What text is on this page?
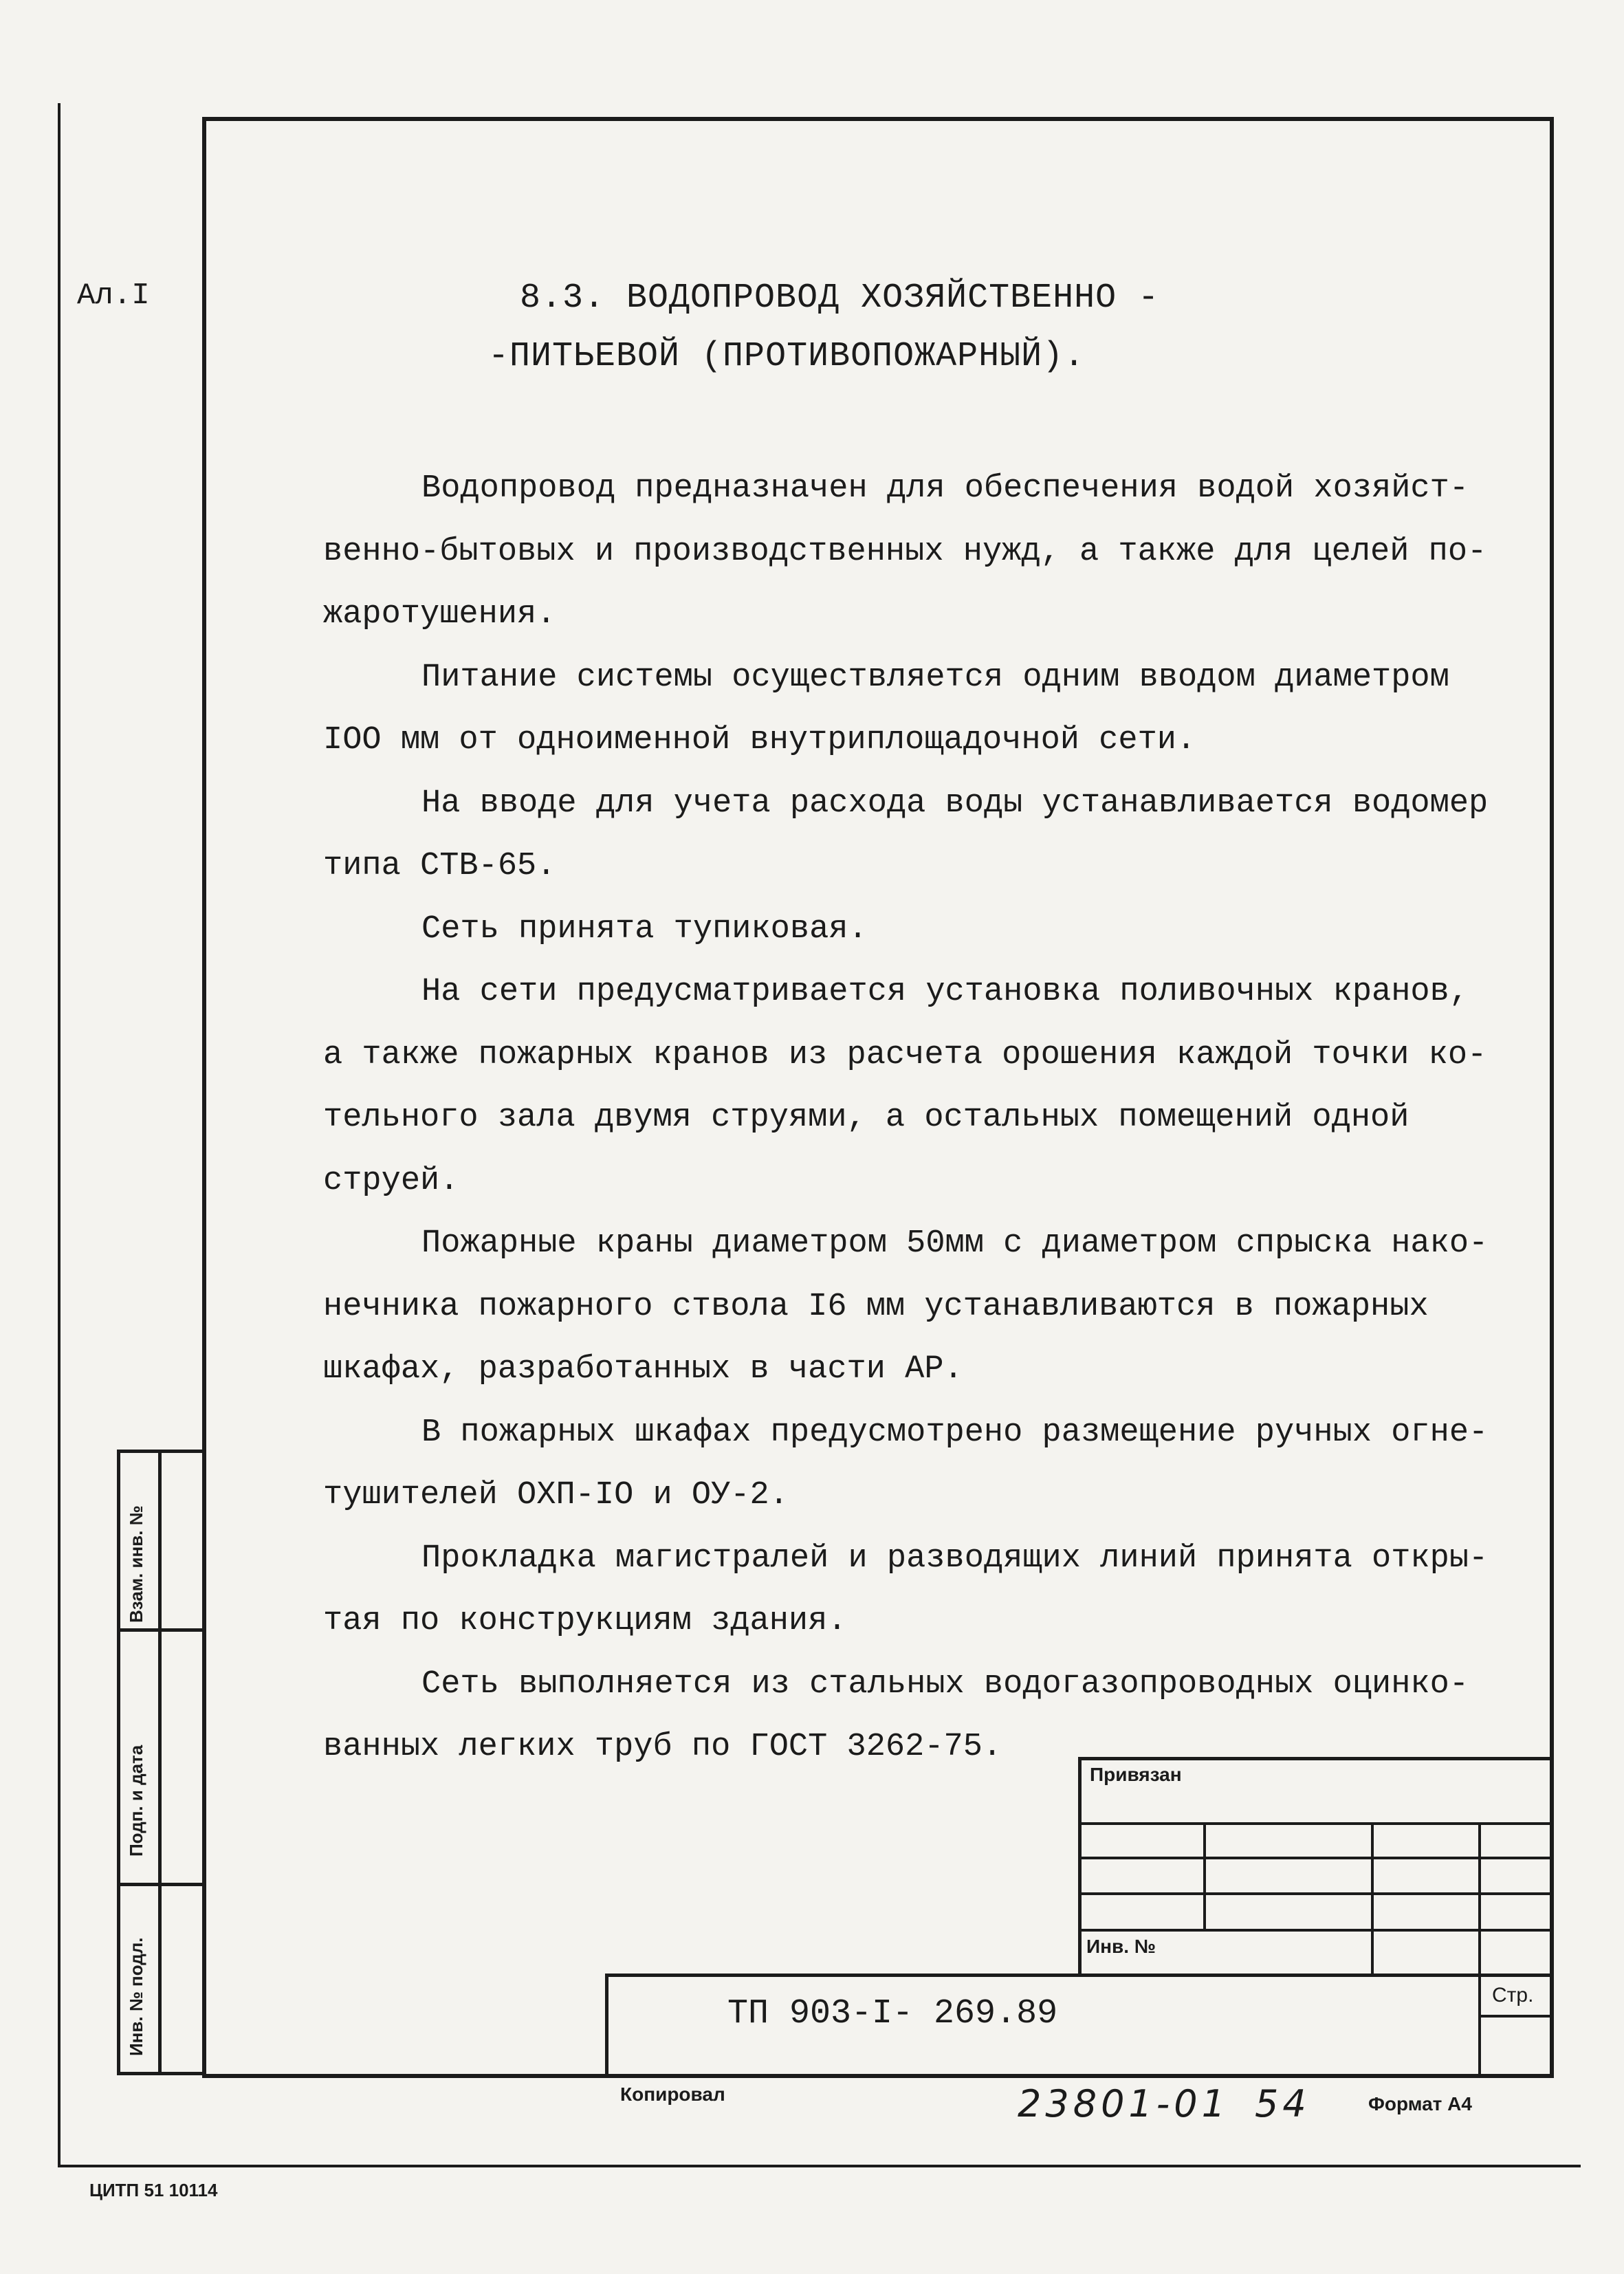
Ал.I	8.3. ВОДОПРОВОД ХОЗЯЙСТВЕННО -
-ПИТЬЕВОЙ (ПРОТИВОПОЖАРНЫЙ).

Водопровод предназначен для обеспечения водой хозяйст-венно-бытовых и производственных нужд, а также для целей по-жаротушения.

Питание системы осуществляется одним вводом диаметром IOO мм от одноименной внутриплощадочной сети.

На вводе для учета расхода воды устанавливается водомер типа СТВ-65.

Сеть принята тупиковая.

На сети предусматривается установка поливочных кранов, а также пожарных кранов из расчета орошения каждой точки ко-тельного зала двумя струями, а остальных помещений одной струей.

Пожарные краны диаметром 50мм с диаметром спрыска нако-нечника пожарного ствола I6 мм устанавливаются в пожарных шкафах, разработанных в части АР.

В пожарных шкафах предусмотрено размещение ручных огне-тушителей ОХП-IO и ОУ-2.

Прокладка магистралей и разводящих линий принята откры-тая по конструкциям здания.

Сеть выполняется из стальных водогазопроводных оцинко-ванных легких труб по ГОСТ 3262-75.

Взам. инв. №
Подп. и дата
Инв. № подл.
Привязан
Инв. №
Стр.
ТП 903-I- 269.89
Копировал	23801-01 54	Формат А4
ЦИТП 51 10114
